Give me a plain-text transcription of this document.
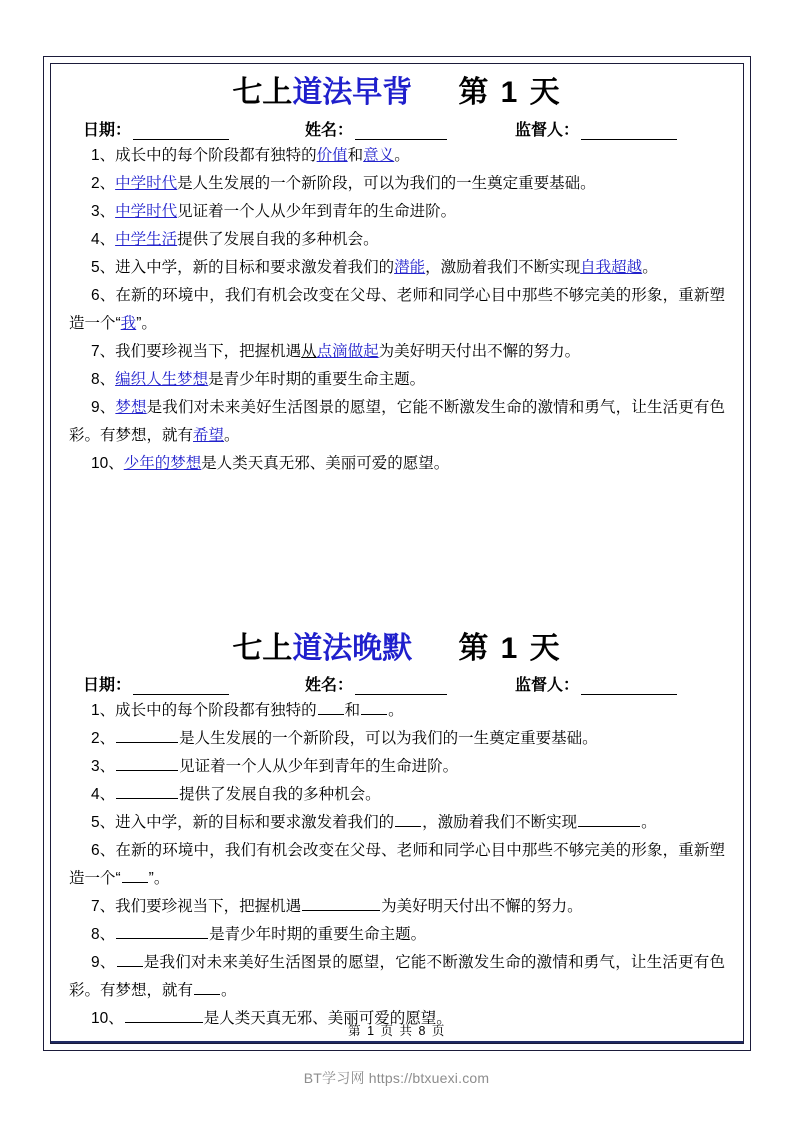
七上道法早背 第 1 天
日期：	姓名：	监督人：

1、成长中的每个阶段都有独特的价值和意义。

2、中学时代是人生发展的一个新阶段，可以为我们的一生奠定重要基础。

3、中学时代见证着一个人从少年到青年的生命进阶。

4、中学生活提供了发展自我的多种机会。

5、进入中学，新的目标和要求激发着我们的潜能，激励着我们不断实现自我超越。

6、在新的环境中，我们有机会改变在父母、老师和同学心目中那些不够完美的形象，重新塑造一个“我”。

7、我们要珍视当下，把握机遇从点滴做起为美好明天付出不懈的努力。

8、编织人生梦想是青少年时期的重要生命主题。

9、梦想是我们对未来美好生活图景的愿望，它能不断激发生命的激情和勇气，让生活更有色彩。有梦想，就有希望。

10、少年的梦想是人类天真无邪、美丽可爱的愿望。

七上道法晚默 第 1 天
日期：	姓名：	监督人：

1、成长中的每个阶段都有独特的 和 。

2、	是人生发展的一个新阶段，可以为我们的一生奠定重要基础。

3、	见证着一个人从少年到青年的生命进阶。

4、	提供了发展自我的多种机会。

5、进入中学，新的目标和要求激发着我们的 ，激励着我们不断实现	。

6、在新的环境中，我们有机会改变在父母、老师和同学心目中那些不够完美的形象，重新塑造一个“ ”。

7、我们要珍视当下，把握机遇	为美好明天付出不懈的努力。

8、	是青少年时期的重要生命主题。

9、 是我们对未来美好生活图景的愿望，它能不断激发生命的激情和勇气，让生活更有色彩。有梦想，就有 。

10、	是人类天真无邪、美丽可爱的愿望。

第 1 页 共 8 页
BT学习网 https://btxuexi.com
